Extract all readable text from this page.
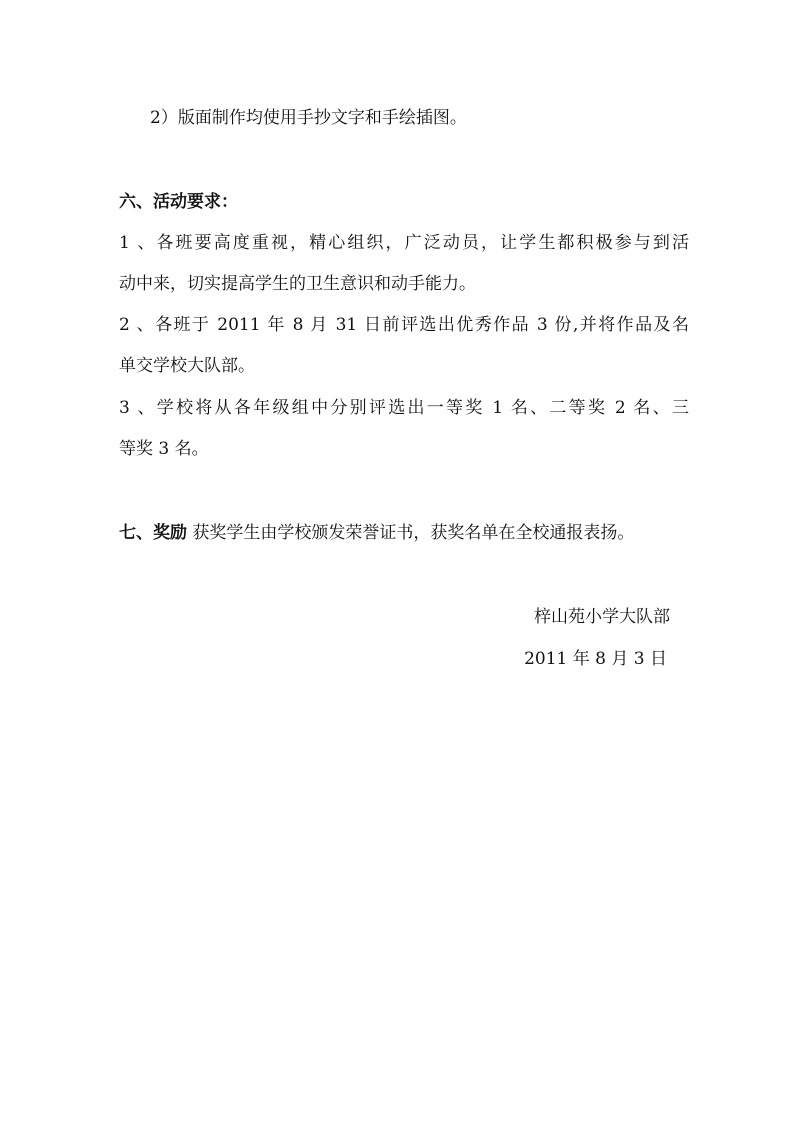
2）版面制作均使用手抄文字和手绘插图。
六、活动要求：
1 、各班要高度重视，精心组织，广泛动员，让学生都积极参与到活
动中来，切实提高学生的卫生意识和动手能力。
2 、各班于 2011 年 8 月 31 日前评选出优秀作品 3 份,并将作品及名
单交学校大队部。
3 、学校将从各年级组中分别评选出一等奖 1 名、二等奖 2 名、三
等奖 3 名。
七、奖励 获奖学生由学校颁发荣誉证书，获奖名单在全校通报表扬。
梓山苑小学大队部
2011 年 8 月 3 日
